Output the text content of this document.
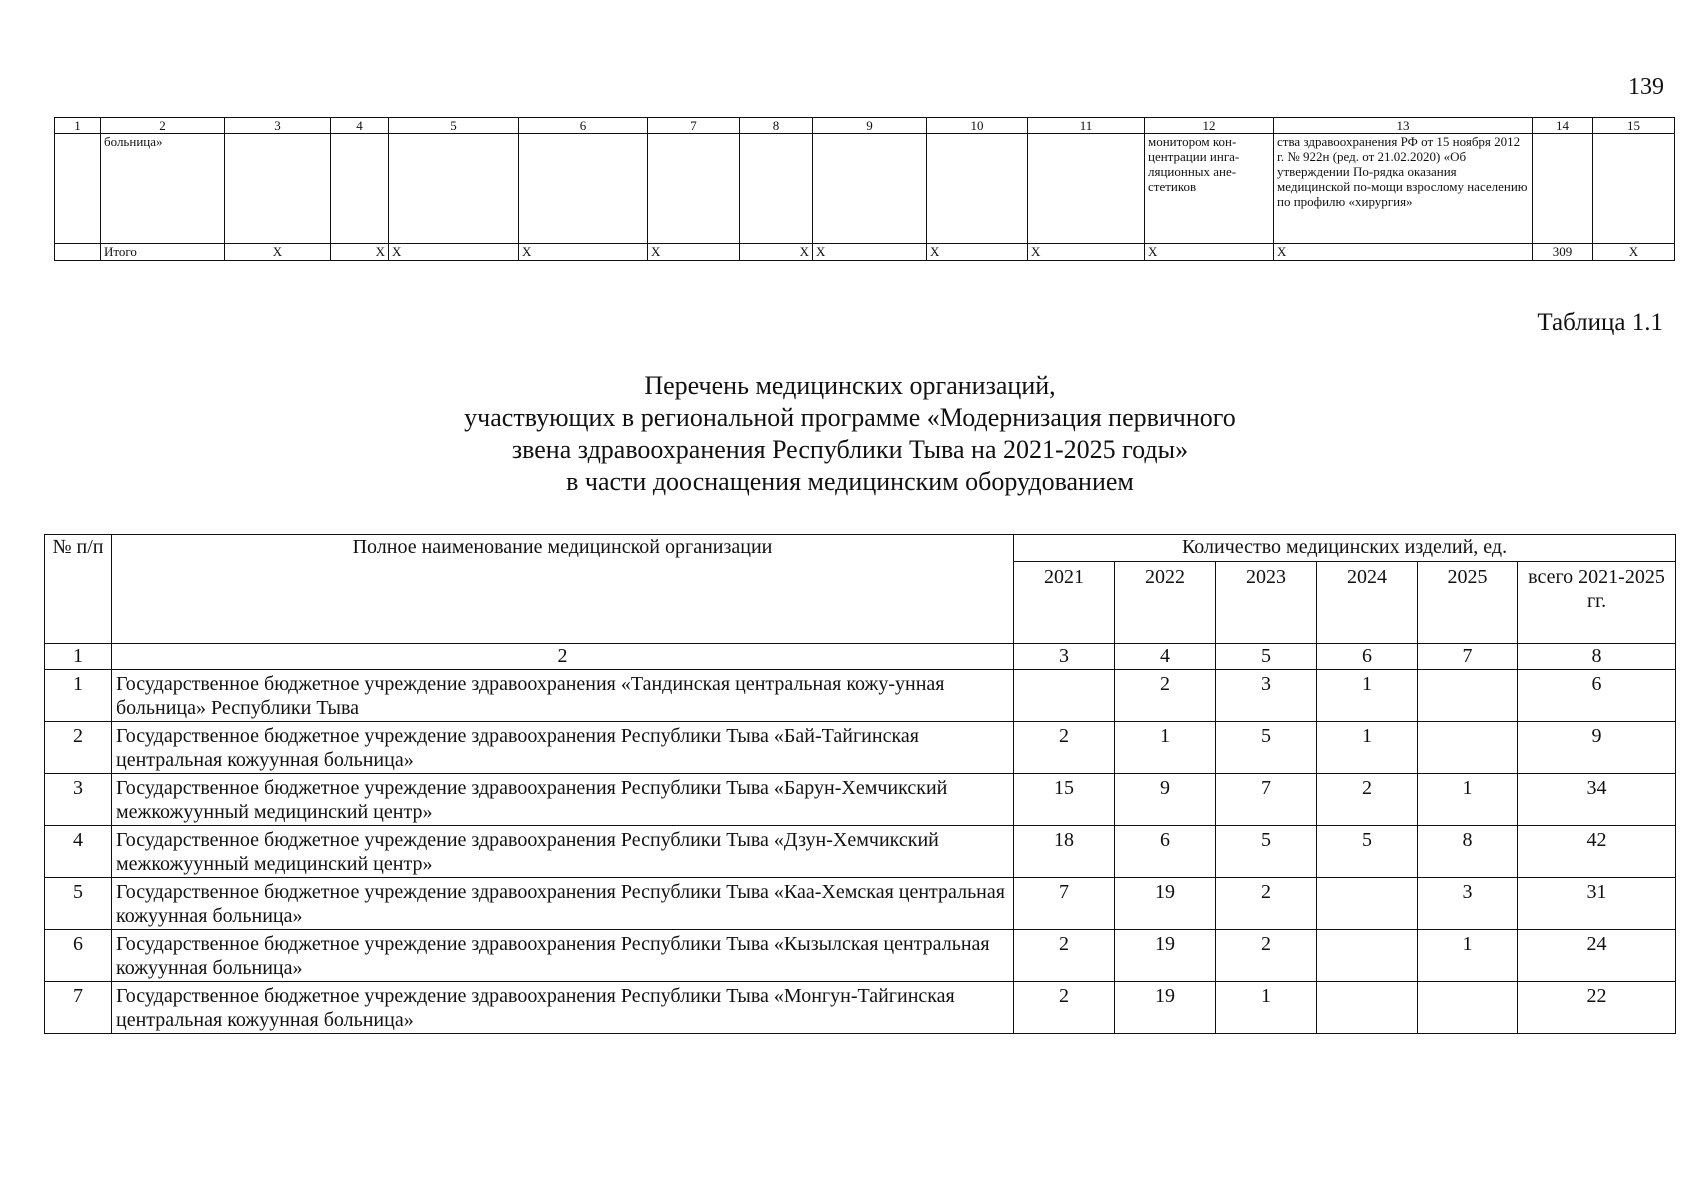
139
1	2	3	4	5	6	7	8	9	10	11	12	13	14	15
	больница»										монитором кон-центрации инга-ляционных ане-стетиков	ства здравоохранения РФ от 15 ноября 2012 г. № 922н (ред. от 21.02.2020) «Об утверждении По-рядка оказания медицинской по-мощи взрослому населению по профилю «хирургия»		
	Итого	X	X	X	X	X	X	X	X	X	X	X	309	X
Таблица 1.1
Перечень медицинских организаций,
участвующих в региональной программе «Модернизация первичного
звена здравоохранения Республики Тыва на 2021-2025 годы»
в части дооснащения медицинским оборудованием
№ п/п	Полное наименование медицинской организации	Количество медицинских изделий, ед.					
		2021	2022	2023	2024	2025	всего 2021-2025 гг.
1	2	3	4	5	6	7	8
1	Государственное бюджетное учреждение здравоохранения «Тандинская центральная кожу-унная больница» Республики Тыва		2	3	1		6
2	Государственное бюджетное учреждение здравоохранения Республики Тыва «Бай-Тайгинская центральная кожуунная больница»	2	1	5	1		9
3	Государственное бюджетное учреждение здравоохранения Республики Тыва «Барун-Хемчикский межкожуунный медицинский центр»	15	9	7	2	1	34
4	Государственное бюджетное учреждение здравоохранения Республики Тыва «Дзун-Хемчикский межкожуунный медицинский центр»	18	6	5	5	8	42
5	Государственное бюджетное учреждение здравоохранения Республики Тыва «Каа-Хемская центральная кожуунная больница»	7	19	2		3	31
6	Государственное бюджетное учреждение здравоохранения Республики Тыва «Кызылская центральная кожуунная больница»	2	19	2		1	24
7	Государственное бюджетное учреждение здравоохранения Республики Тыва «Монгун-Тайгинская центральная кожуунная больница»	2	19	1			22
